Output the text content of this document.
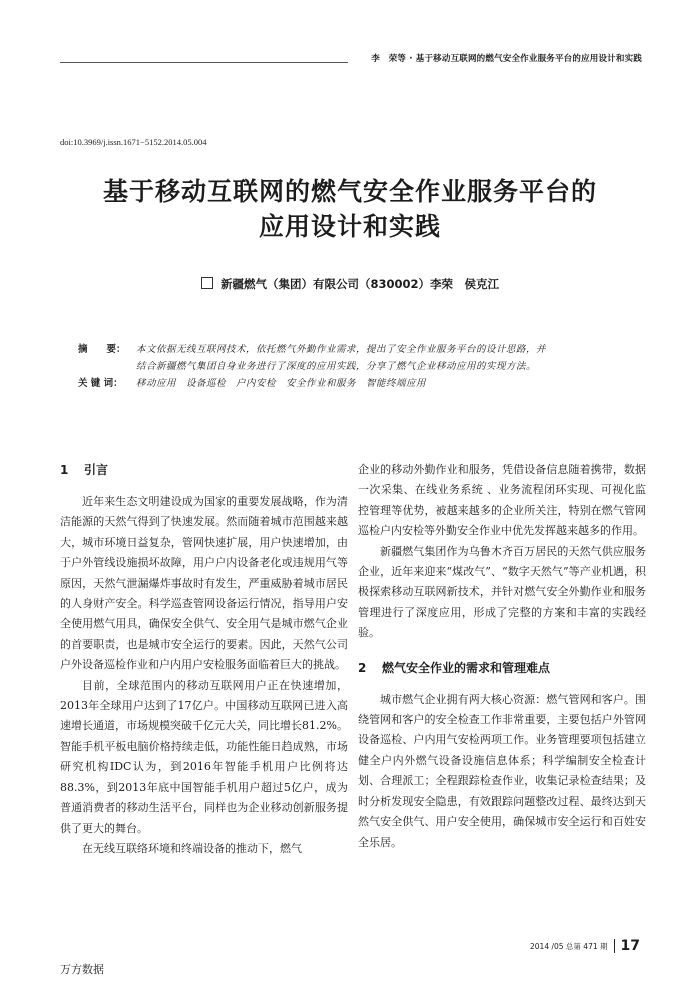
李　荣等 · 基于移动互联网的燃气安全作业服务平台的应用设计和实践
doi:10.3969/j.issn.1671−5152.2014.05.004
基于移动互联网的燃气安全作业服务平台的
应用设计和实践
新疆燃气（集团）有限公司（830002）李荣　侯克江
摘　　要：	本文依据无线互联网技术，依托燃气外勤作业需求，提出了安全作业服务平台的设计思路，并
结合新疆燃气集团自身业务进行了深度的应用实践，分享了燃气企业移动应用的实现方法。
关 键 词：	移动应用　设备巡检　户内安检　安全作业和服务　智能终端应用
1 引言

近年来生态文明建设成为国家的重要发展战略，作为清洁能源的天然气得到了快速发展。然而随着城市范围越来越大，城市环境日益复杂，管网快速扩展，用户快速增加，由于户外管线设施损坏故障，用户户内设备老化或违规用气等原因，天然气泄漏爆炸事故时有发生，严重威胁着城市居民的人身财产安全。科学巡查管网设备运行情况，指导用户安全使用燃气用具，确保安全供气、安全用气是城市燃气企业的首要职责，也是城市安全运行的要素。因此，天然气公司户外设备巡检作业和户内用户安检服务面临着巨大的挑战。

目前，全球范围内的移动互联网用户正在快速增加，2013年全球用户达到了17亿户。中国移动互联网已进入高速增长通道，市场规模突破千亿元大关，同比增长81.2%。智能手机平板电脑价格持续走低，功能性能日趋成熟，市场研究机构IDC认为，到2016年智能手机用户比例将达88.3%，到2013年底中国智能手机用户超过5亿户，成为普通消费者的移动生活平台，同样也为企业移动创新服务提供了更大的舞台。

在无线互联络环境和终端设备的推动下，燃气

企业的移动外勤作业和服务，凭借设备信息随着携带，数据一次采集、在线业务系统 、业务流程闭环实现、可视化监控管理等优势，被越来越多的企业所关注，特别在燃气管网巡检户内安检等外勤安全作业中优先发挥越来越多的作用。

新疆燃气集团作为乌鲁木齐百万居民的天然气供应服务企业，近年来迎来“煤改气”、“数字天然气”等产业机遇，积极探索移动互联网新技术，并针对燃气安全外勤作业和服务管理进行了深度应用，形成了完整的方案和丰富的实践经验。

2 燃气安全作业的需求和管理难点

城市燃气企业拥有两大核心资源：燃气管网和客户。围绕管网和客户的安全检查工作非常重要，主要包括户外管网设备巡检、户内用气安检两项工作。业务管理要项包括建立健全户内外燃气设备设施信息体系；科学编制安全检查计划、合理派工；全程跟踪检查作业，收集记录检查结果；及时分析发现安全隐患，有效跟踪问题整改过程、最终达到天然气安全供气、用户安全使用，确保城市安全运行和百姓安全乐居。

2014 /05 总第 471 期 17
万方数据
